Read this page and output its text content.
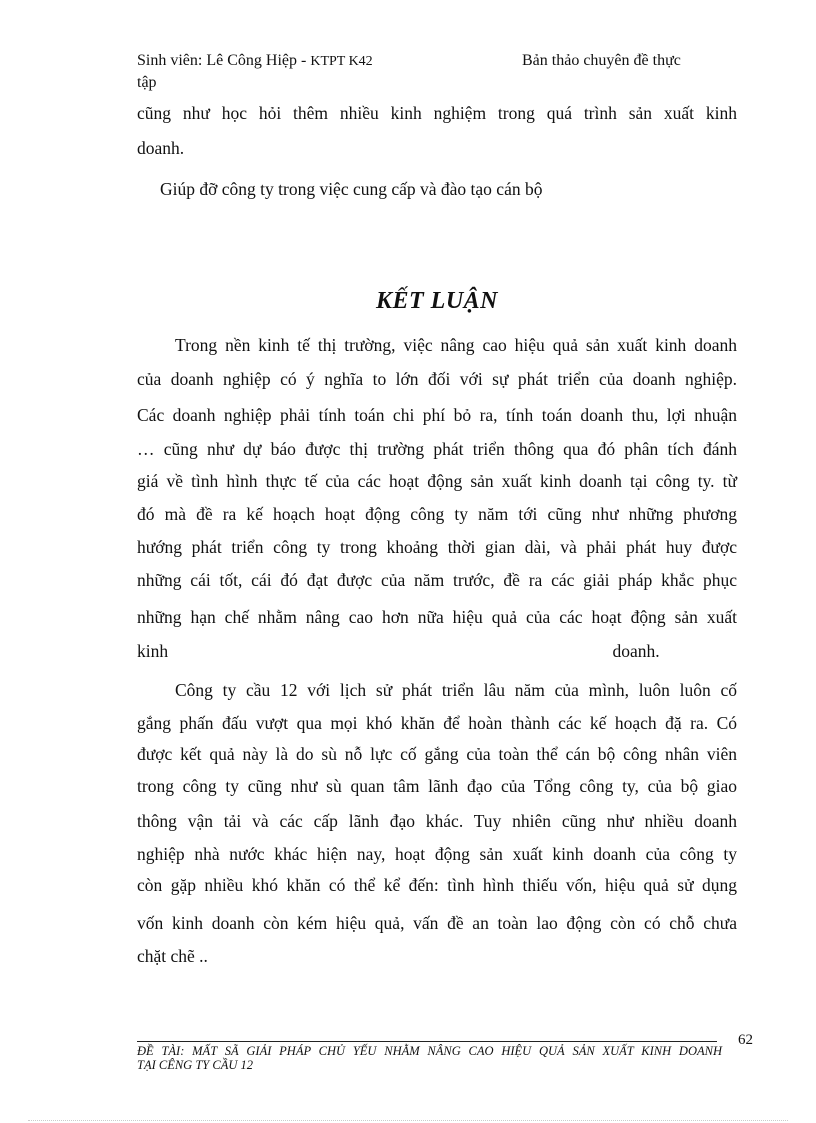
Sinh viên: Lê Công Hiệp - KTPT K42	Bản thảo chuyên đề thực
tập
cũng như học hỏi thêm nhiều kinh nghiệm trong quá trình sản xuất kinh
doanh.
Giúp đỡ công ty trong việc cung cấp và đào tạo cán bộ
KẾT LUẬN
Trong nền kinh tế thị trường, việc nâng cao hiệu quả sản xuất kinh doanh
của doanh nghiệp có ý nghĩa to lớn đối với sự phát triển của doanh nghiệp.
Các doanh nghiệp phải tính toán chi phí bỏ ra, tính toán doanh thu, lợi nhuận
… cũng như dự báo được thị trường phát triển thông qua đó phân tích đánh
giá về tình hình thực tế của các hoạt động sản xuất kinh doanh tại công ty. từ
đó mà đề ra kế hoạch hoạt động công ty năm tới cũng như những phương
hướng phát triển công ty trong khoảng thời gian dài, và phải phát huy được
những cái tốt, cái đó đạt được của năm trước, đề ra các giải pháp khắc phục
những hạn chế nhằm nâng cao hơn nữa hiệu quả của các hoạt động sản xuất
kinh doanh.
Công ty cầu 12 với lịch sử phát triển lâu năm của mình, luôn luôn cố
gắng phấn đấu vượt qua mọi khó khăn để hoàn thành các kế hoạch đặ ra. Có
được kết quả này là do sù nỗ lực cố gắng của toàn thể cán bộ công nhân viên
trong công ty cũng như sù quan tâm lãnh đạo của Tổng công ty, của bộ giao
thông vận tải và các cấp lãnh đạo khác. Tuy nhiên cũng như nhiều doanh
nghiệp nhà nước khác hiện nay, hoạt động sản xuất kinh doanh của công ty
còn gặp nhiều khó khăn có thể kể đến: tình hình thiếu vốn, hiệu quả sử dụng
vốn kinh doanh còn kém hiệu quả, vấn đề an toàn lao động còn có chỗ chưa
chặt chẽ ..
ĐỀ TÀI: MẤT SÃ GIẢI PHÁP CHỦ YẾU NHẰM NÂNG CAO HIỆU QUẢ SẢN XUẤT KINH DOANH
TẠI CÊNG TY CẦU 12
62
